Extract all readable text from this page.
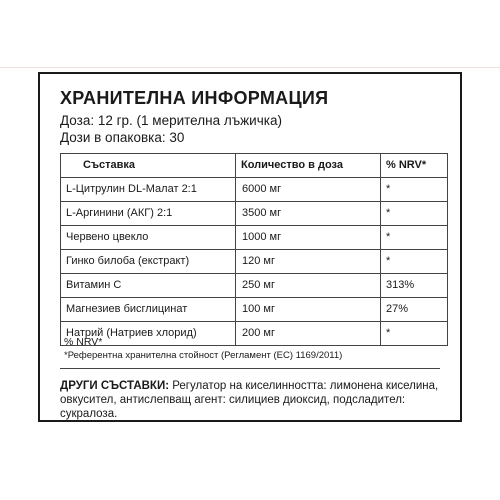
ХРАНИТЕЛНА ИНФОРМАЦИЯ
Доза: 12 гр. (1 мерителна лъжичка)
Дози в опаковка: 30
Съставка	Количество в доза	% NRV*
L-Цитрулин DL-Малат 2:1	6000 мг	*
L-Аргинини (АКГ) 2:1	3500 мг	*
Червено цвекло	1000 мг	*
Гинко билоба (екстракт)	120 мг	*
Витамин С	250 мг	313%
Магнезиев бисглицинат	100 мг	27%
Натрий (Натриев хлорид)	200 мг	*
% NRV*
*Референтна хранителна стойност (Регламент (ЕС) 1169/2011)
ДРУГИ СЪСТАВКИ: Регулатор на киселинността: лимонена киселина, овкусител, антислепващ агент: силициев диоксид, подсладител: сукралоза.
